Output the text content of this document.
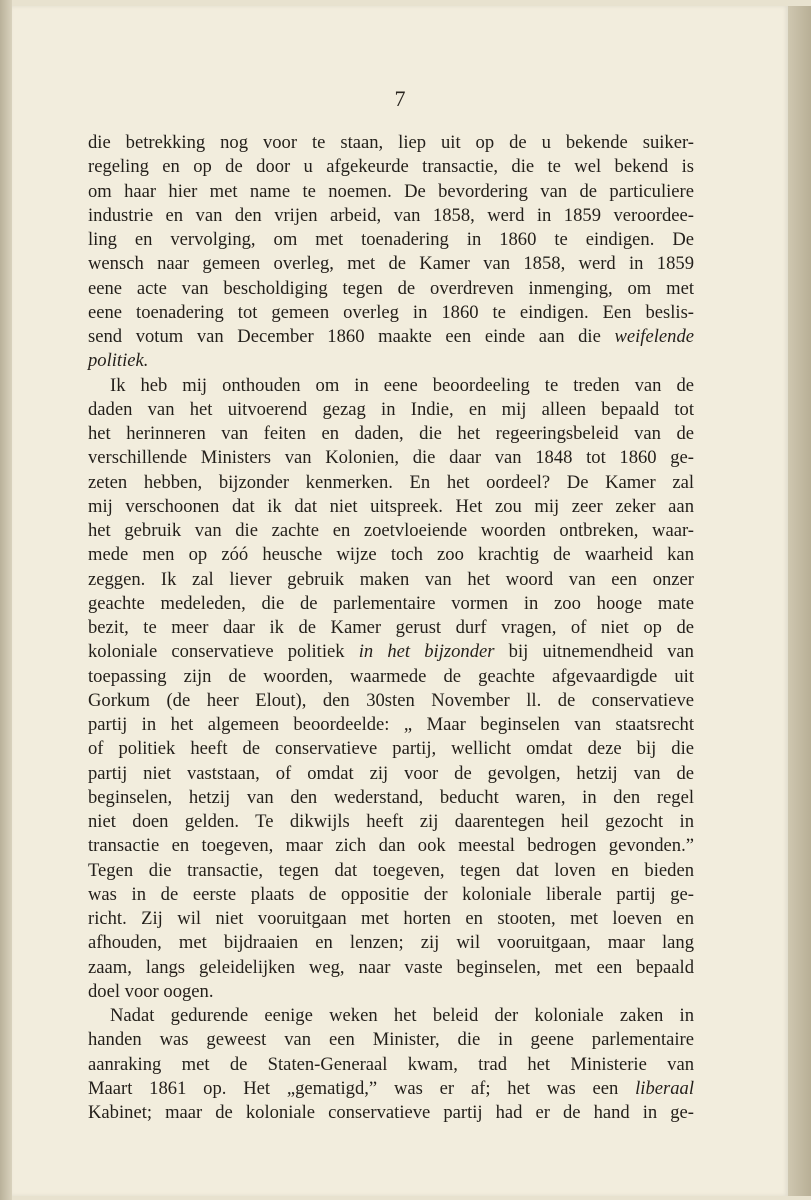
7
die betrekking nog voor te staan, liep uit op de u bekende suiker-
regeling en op de door u afgekeurde transactie, die te wel bekend is
om haar hier met name te noemen. De bevordering van de particuliere
industrie en van den vrijen arbeid, van 1858, werd in 1859 veroordee-
ling en vervolging, om met toenadering in 1860 te eindigen. De
wensch naar gemeen overleg, met de Kamer van 1858, werd in 1859
eene acte van bescholdiging tegen de overdreven inmenging, om met
eene toenadering tot gemeen overleg in 1860 te eindigen. Een beslis-
send votum van December 1860 maakte een einde aan die weifelende
politiek.
Ik heb mij onthouden om in eene beoordeeling te treden van de
daden van het uitvoerend gezag in Indie, en mij alleen bepaald tot
het herinneren van feiten en daden, die het regeeringsbeleid van de
verschillende Ministers van Kolonien, die daar van 1848 tot 1860 ge-
zeten hebben, bijzonder kenmerken. En het oordeel? De Kamer zal
mij verschoonen dat ik dat niet uitspreek. Het zou mij zeer zeker aan
het gebruik van die zachte en zoetvloeiende woorden ontbreken, waar-
mede men op zóó heusche wijze toch zoo krachtig de waarheid kan
zeggen. Ik zal liever gebruik maken van het woord van een onzer
geachte medeleden, die de parlementaire vormen in zoo hooge mate
bezit, te meer daar ik de Kamer gerust durf vragen, of niet op de
koloniale conservatieve politiek in het bijzonder bij uitnemendheid van
toepassing zijn de woorden, waarmede de geachte afgevaardigde uit
Gorkum (de heer Elout), den 30sten November ll. de conservatieve
partij in het algemeen beoordeelde: „ Maar beginselen van staatsrecht
of politiek heeft de conservatieve partij, wellicht omdat deze bij die
partij niet vaststaan, of omdat zij voor de gevolgen, hetzij van de
beginselen, hetzij van den wederstand, beducht waren, in den regel
niet doen gelden. Te dikwijls heeft zij daarentegen heil gezocht in
transactie en toegeven, maar zich dan ook meestal bedrogen gevonden.”
Tegen die transactie, tegen dat toegeven, tegen dat loven en bieden
was in de eerste plaats de oppositie der koloniale liberale partij ge-
richt. Zij wil niet vooruitgaan met horten en stooten, met loeven en
afhouden, met bijdraaien en lenzen; zij wil vooruitgaan, maar lang
zaam, langs geleidelijken weg, naar vaste beginselen, met een bepaald
doel voor oogen.
Nadat gedurende eenige weken het beleid der koloniale zaken in
handen was geweest van een Minister, die in geene parlementaire
aanraking met de Staten-Generaal kwam, trad het Ministerie van
Maart 1861 op. Het „gematigd,” was er af; het was een liberaal
Kabinet; maar de koloniale conservatieve partij had er de hand in ge-
